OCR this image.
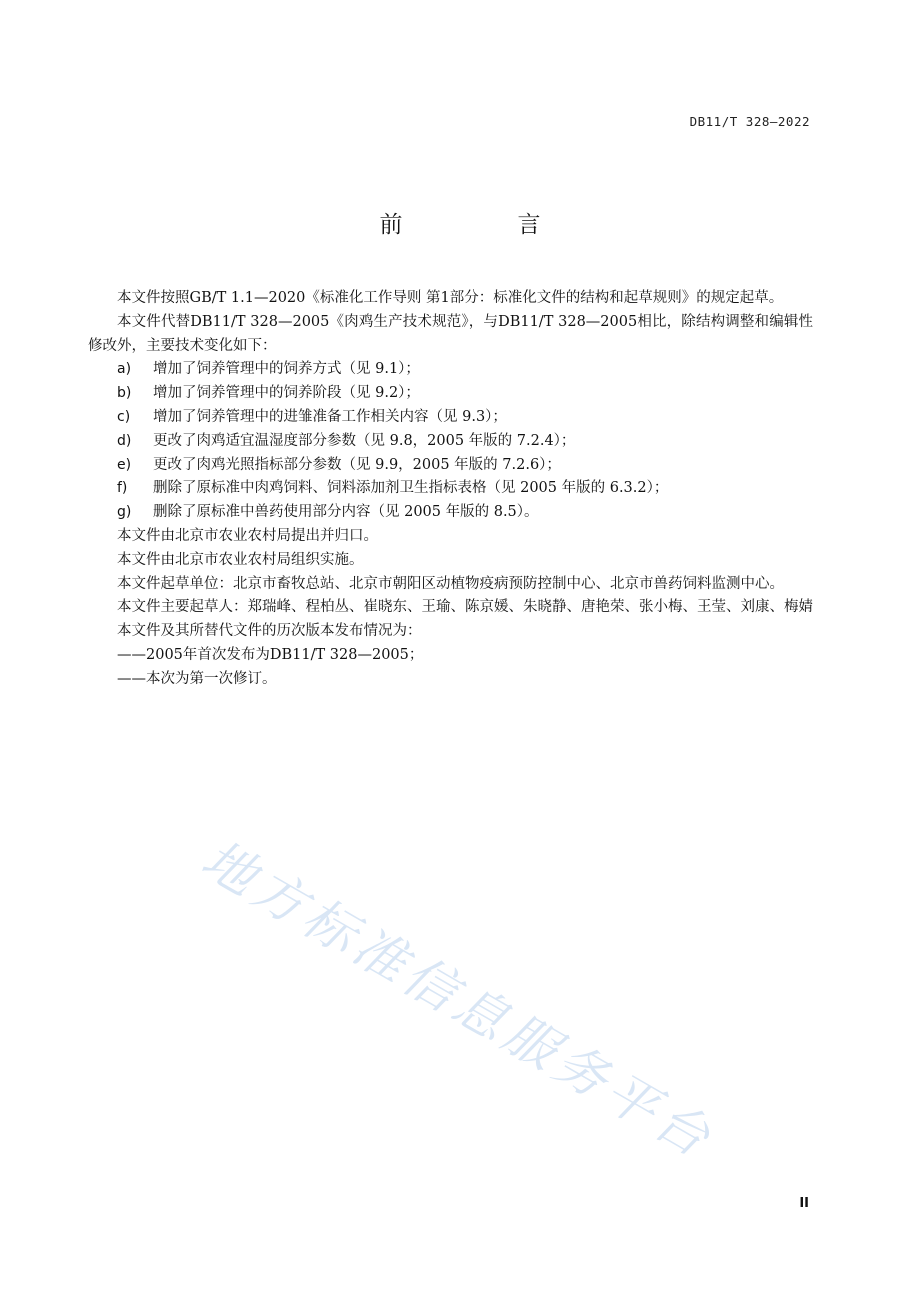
DB11/T 328—2022
前　言

本文件按照GB/T 1.1—2020《标准化工作导则 第1部分：标准化文件的结构和起草规则》的规定起草。

本文件代替DB11/T 328—2005《肉鸡生产技术规范》，与DB11/T 328—2005相比，除结构调整和编辑性修改外，主要技术变化如下：

a) 增加了饲养管理中的饲养方式（见 9.1）；

b) 增加了饲养管理中的饲养阶段（见 9.2）；

c) 增加了饲养管理中的进雏准备工作相关内容（见 9.3）；

d) 更改了肉鸡适宜温湿度部分参数（见 9.8，2005 年版的 7.2.4）；

e) 更改了肉鸡光照指标部分参数（见 9.9，2005 年版的 7.2.6）；

f) 删除了原标准中肉鸡饲料、饲料添加剂卫生指标表格（见 2005 年版的 6.3.2）；

g) 删除了原标准中兽药使用部分内容（见 2005 年版的 8.5）。

本文件由北京市农业农村局提出并归口。

本文件由北京市农业农村局组织实施。

本文件起草单位：北京市畜牧总站、北京市朝阳区动植物疫病预防控制中心、北京市兽药饲料监测中心。

本文件主要起草人：郑瑞峰、程柏丛、崔晓东、王瑜、陈京媛、朱晓静、唐艳荣、张小梅、王莹、刘康、梅婧

本文件及其所替代文件的历次版本发布情况为：

——2005年首次发布为DB11/T 328—2005；

——本次为第一次修订。

地方标准信息服务平台
II
